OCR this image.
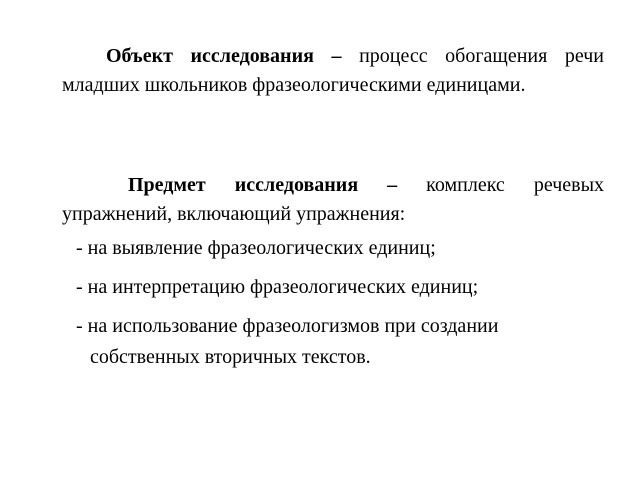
Объект исследования – процесс обогащения речи младших школьников фразеологическими единицами.

Предмет исследования – комплекс речевых упражнений, включающий упражнения:

- на выявление фразеологических единиц;

- на интерпретацию фразеологических единиц;

- на использование фразеологизмов при создании

собственных вторичных текстов.
